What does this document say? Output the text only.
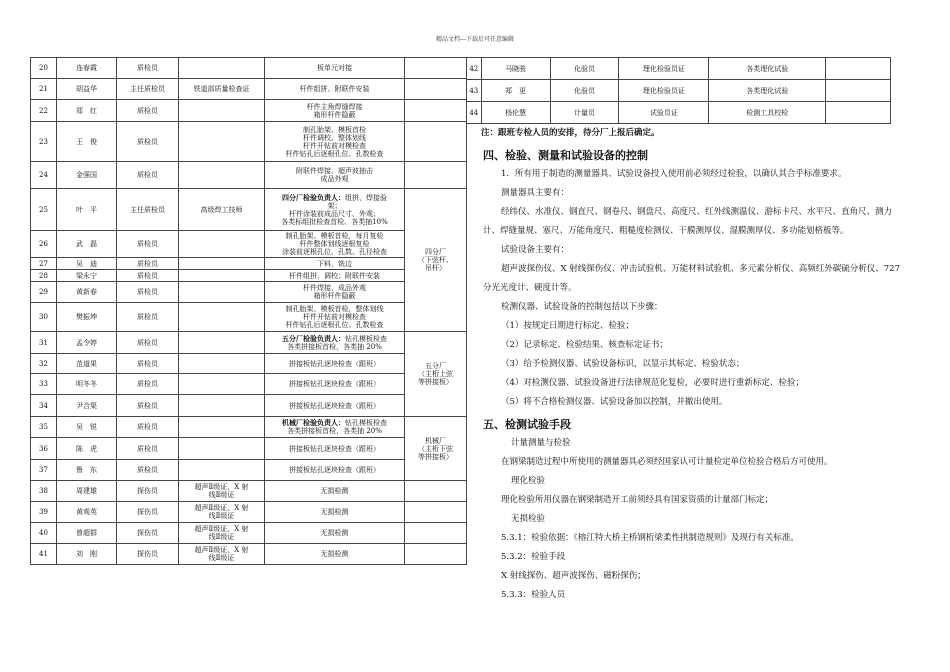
精品文档---下载后可任意编辑
20	连春霞	质检员		板单元对接	
21	胡益华	主任质检员	铁道部质量检查证	杆件组拼、附联件安装	
22	郑　红	质检员		杆件主角焊缝焊接
箱形杆件隐蔽	
23	王　俊	质检员		制孔胎架、模板首检
杆件调校、整体划线
杆件开钻前对模检查
杆件钻孔后逐根孔位、孔数检查	
24	金强国	质检员		附联件焊接、超声波抽击
成品外观	
25	叶　平	主任质检员	高级焊工技师	四分厂检验负责人：组拼、焊接验
架；
杆件涂装前成品尺寸、外观；
各类标组批检查首检、各类抽10%	四分厂
（下弦杆、
吊杆）
26	武　磊	质检员		制孔胎架、模板首检，每月复检
杆件整体划线逐根复检
涂装前逐根孔位、孔数、孔径检查	
27	吴　迪	质检员		下料、铣边	
28	梁永宁	质检员		杆件组拼、调校；附联件安装	
29	黄新春	质检员		杆件焊接、成品外观
箱形杆件隐蔽	
30	樊振坤	质检员		制孔胎架、模板首检，整体划线
杆件开钻前对模检查
杆件钻孔后逐根孔位、孔数检查	
31	孟令婷	质检员		五分厂检验负责人：钻孔模板检查
各类拼接板首检，各类抽 20%	五分厂
（主桁上弦
等拼接板）
32	范道果	质检员		拼接板钻孔逐块检查（跟班）	
33	明冬冬	质检员		拼接板钻孔逐块检查（跟班）	
34	尹合渠	质检员		拼接板钻孔逐块检查（跟班）	
35	吴　锐	质检员		机械厂检验负责人：钻孔模板检查
各类拼接板首检，各类抽 20%	机械厂
（主桁下弦
等拼接板）
36	陈　虎	质检员		拼接板钻孔逐块检查（跟班）	
37	鲁　东	质检员		拼接板钻孔逐块检查（跟班）	
38	周建雄	探伤员	超声Ⅱ级证、X 射
线Ⅱ级证	无损检测	
39	黄观英	探伤员	超声Ⅱ级证、X 射
线Ⅱ级证	无损检测	
40	曾超群	探伤员	超声Ⅱ级证、X 射
线Ⅱ级证	无损检测	
41	刘　刚	探伤员	超声Ⅱ级证、X 射
线Ⅱ级证	无损检测	
42	马晓骏	化验员	理化检验员证	各类理化试验	
43	郑　更	化验员	理化检验员证	各类理化试验	
44	杨伦慧	计量员	试验员证	检测工具校检	

注：跟班专检人员的安排，待分厂上报后确定。

四、检验、测量和试验设备的控制

1．所有用于制造的测量器具、试验设备投入使用前必须经过检验，以确认其合乎标准要求。

测量器具主要有：

经纬仪、水准仪、钢直尺、钢卷尺、钢盘尺、高度尺、红外线测温仪、游标卡尺、水平尺、直角尺、测力计、焊缝量规、塞尺、万能角度尺、粗糙度检测仪、干膜测厚仪、湿膜测厚仪、多功能划格板等。

试验设备主要有：

超声波探伤仪、X 射线探伤仪、冲击试验机、万能材料试验机、多元素分析仪、高频红外碳硫分析仪、727 分光光度计、硬度计等。

检测仪器、试验设备的控制包括以下步骤：

（1）按规定日期进行标定、检验；

（2）记录标定、检验结果、核查标定证书；

（3）给予检测仪器、试验设备标识，以显示其标定、检验状态；

（4）对检测仪器、试验设备进行法律规范化复检，必要时进行重新标定、检验；

（5）将不合格检测仪器、试验设备加以控制，并撤出使用。

五、检测试验手段

计量测量与检验

在钢梁制造过程中所使用的测量器具必须经国家认可计量检定单位检验合格后方可使用。

理化检验

理化检验所用仪器在钢梁制造开工前须经具有国家资质的计量部门标定；

无损检验

5.3.1：检验依据：《榕江特大桥主桥钢桁梁柔性拱制造规则》及现行有关标准。

5.3.2：检验手段

X 射线探伤、超声波探伤、磁粉探伤；

5.3.3：检验人员
